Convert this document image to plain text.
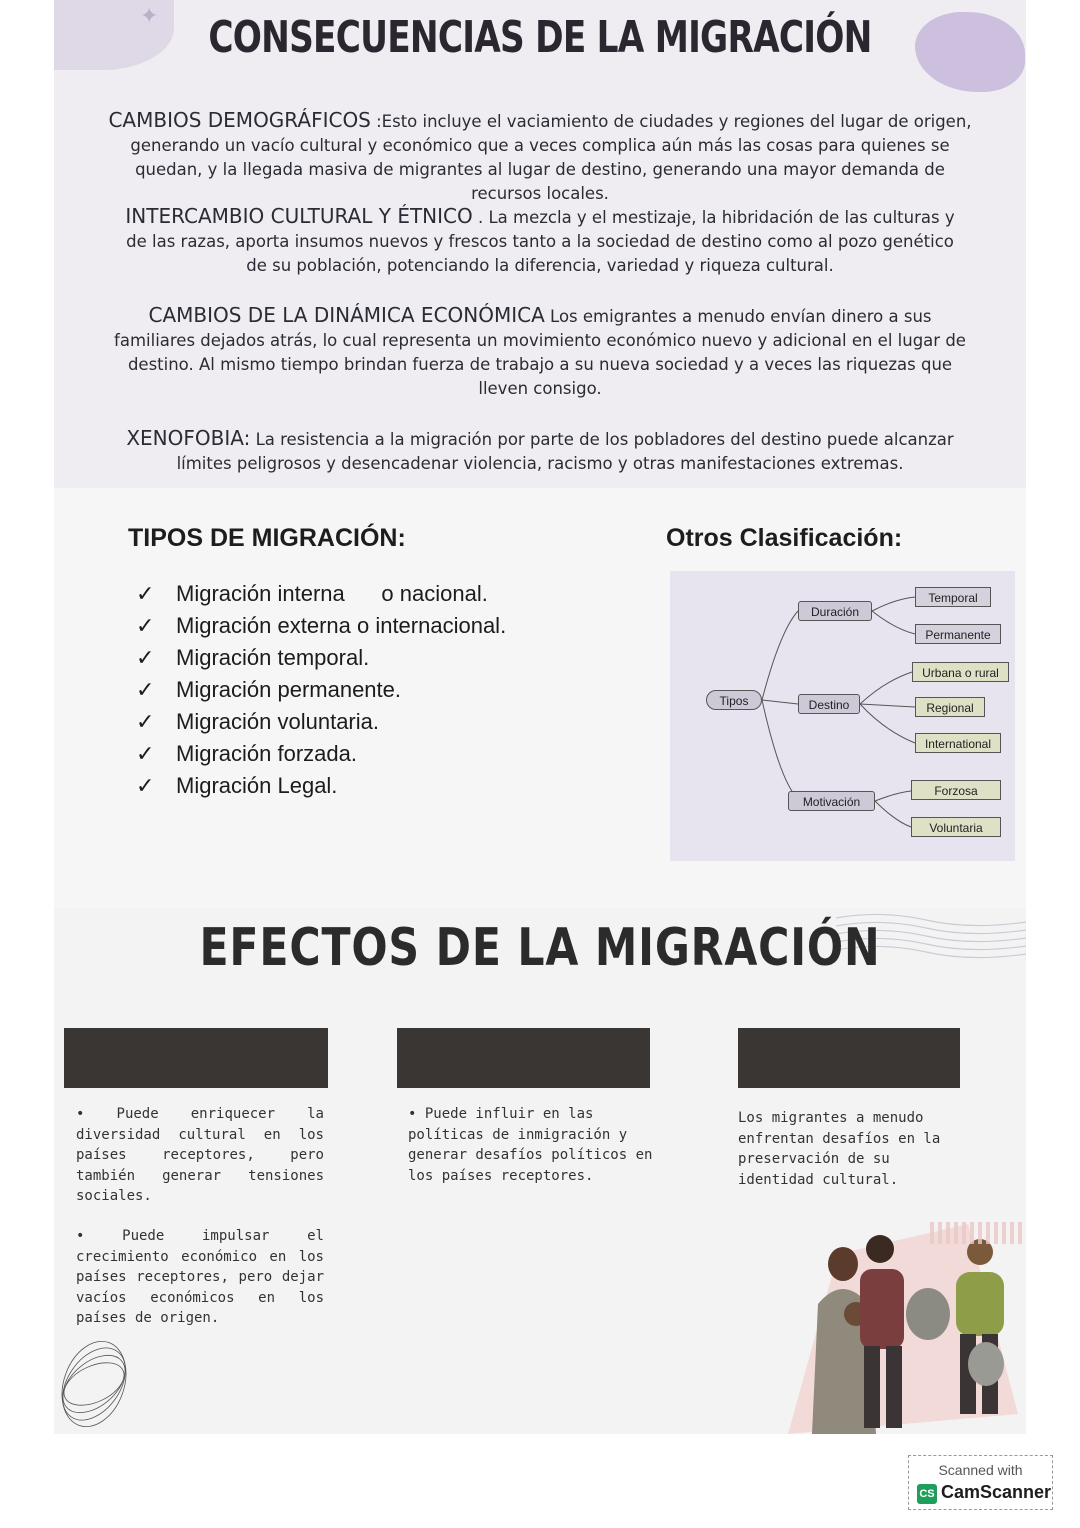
✦	CONSECUENCIAS DE LA MIGRACIÓN
CAMBIOS DEMOGRÁFICOS :Esto incluye el vaciamiento de ciudades y regiones del lugar de origen,
generando un vacío cultural y económico que a veces complica aún más las cosas para quienes se
quedan, y la llegada masiva de migrantes al lugar de destino, generando una mayor demanda de
recursos locales.
INTERCAMBIO CULTURAL Y ÉTNICO . La mezcla y el mestizaje, la hibridación de las culturas y
de las razas, aporta insumos nuevos y frescos tanto a la sociedad de destino como al pozo genético
de su población, potenciando la diferencia, variedad y riqueza cultural.
CAMBIOS DE LA DINÁMICA ECONÓMICA Los emigrantes a menudo envían dinero a sus
familiares dejados atrás, lo cual representa un movimiento económico nuevo y adicional en el lugar de
destino. Al mismo tiempo brindan fuerza de trabajo a su nueva sociedad y a veces las riquezas que
lleven consigo.
XENOFOBIA: La resistencia a la migración por parte de los pobladores del destino puede alcanzar
límites peligrosos y desencadenar violencia, racismo y otras manifestaciones extremas.
TIPOS DE MIGRACIÓN:
✓ Migración interna      o nacional.
✓ Migración externa o internacional.
✓ Migración temporal.
✓ Migración permanente.
✓ Migración voluntaria.
✓ Migración forzada.
✓ Migración Legal.
Otros Clasificación:
Tipos
Duración
Destino
Motivación
Temporal
Permanente
Urbana o rural
Regional
International
Forzosa
Voluntaria
EFECTOS DE LA MIGRACIÓN
• Puede enriquecer la diversidad cultural en los países receptores, pero también generar tensiones sociales.
• Puede impulsar el crecimiento económico en los países receptores, pero dejar vacíos económicos en los países de origen.
• Puede influir en las políticas de inmigración y generar desafíos políticos en los países receptores.
Los migrantes a menudo enfrentan desafíos en la preservación de su identidad cultural.
Scanned with
CS CamScanner
